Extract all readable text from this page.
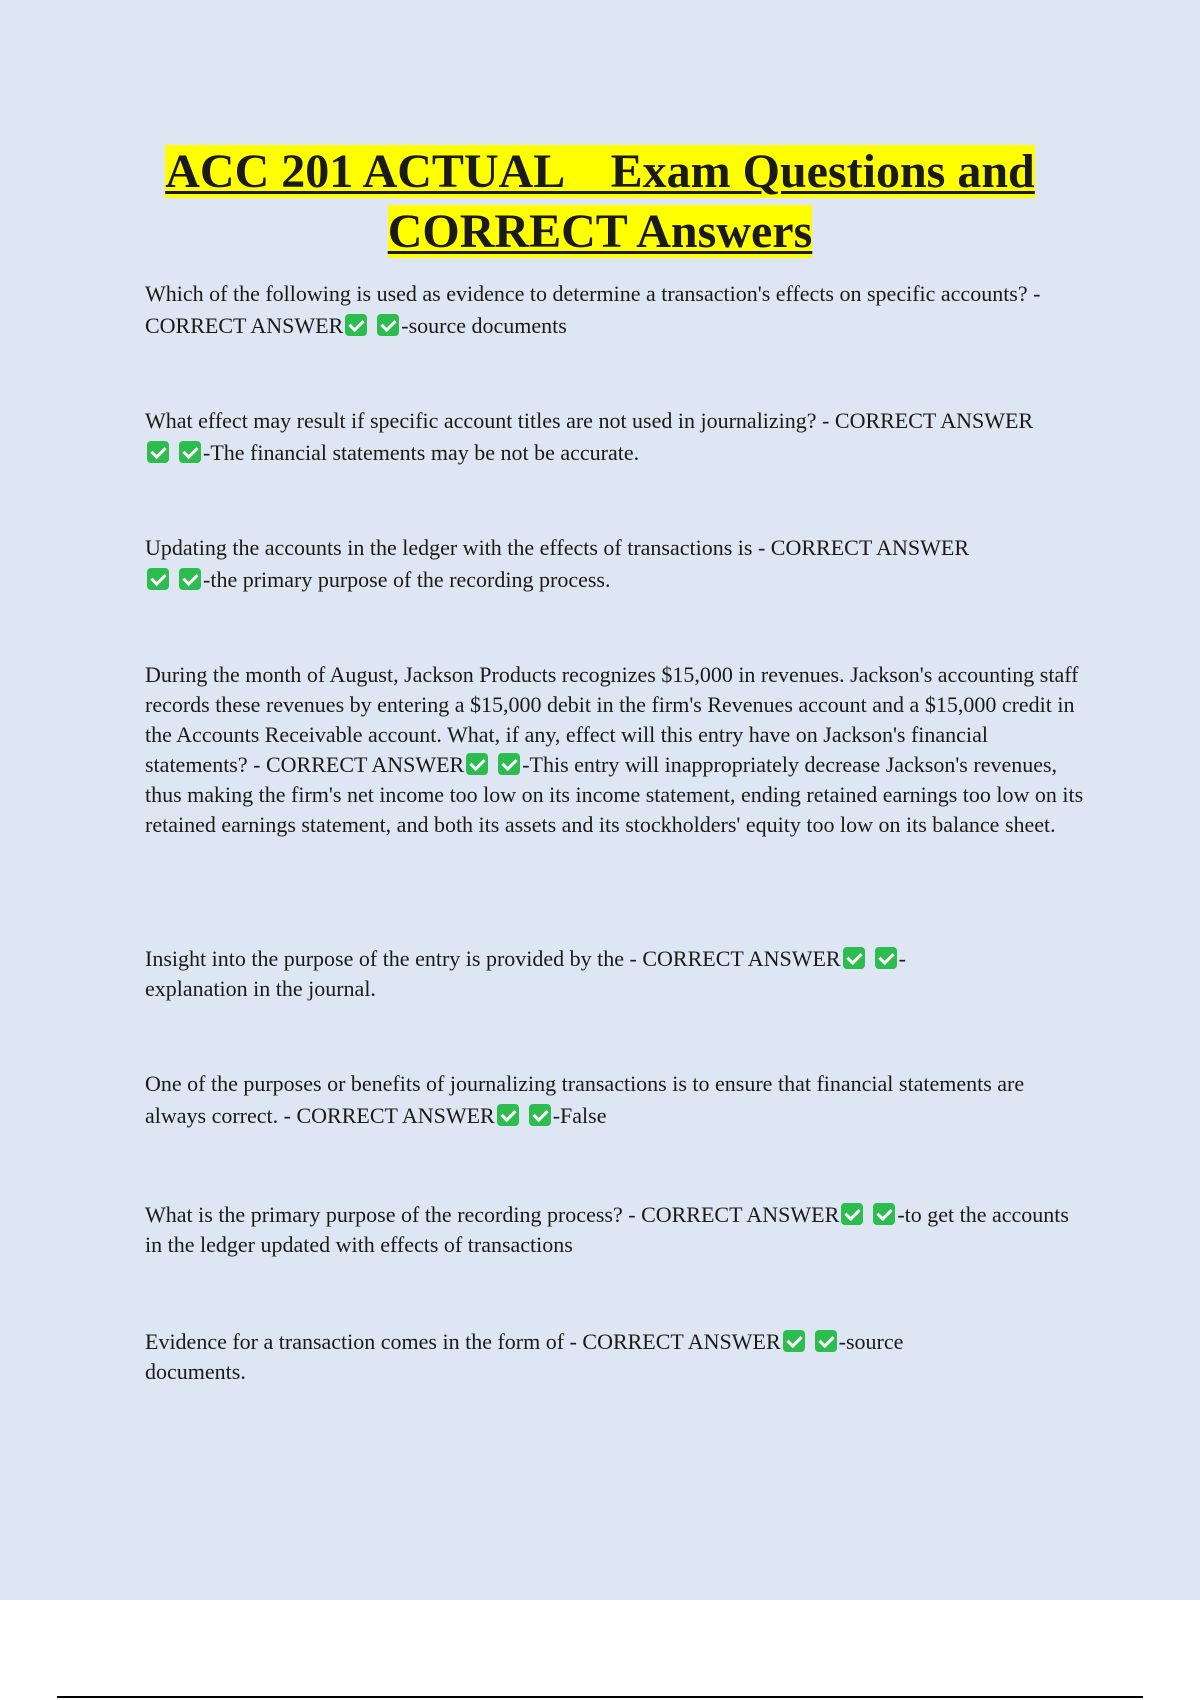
ACC 201 ACTUAL    Exam Questions and
CORRECT Answers
Which of the following is used as evidence to determine a transaction's effects on specific accounts? - CORRECT ANSWER	-source documents
What effect may result if specific account titles are not used in journalizing? - CORRECT ANSWER-The financial statements may be not be accurate.
Updating the accounts in the ledger with the effects of transactions is - CORRECT ANSWER-the primary purpose of the recording process.
During the month of August, Jackson Products recognizes $15,000 in revenues. Jackson's accounting staff records these revenues by entering a $15,000 debit in the firm's Revenues account and a $15,000 credit in the Accounts Receivable account. What, if any, effect will this entry have on Jackson's financial statements? - CORRECT ANSWER	-This entry will inappropriately decrease Jackson's revenues, thus making the firm's net income too low on its income statement, ending retained earnings too low on its retained earnings statement, and both its assets and its stockholders' equity too low on its balance sheet.
Insight into the purpose of the entry is provided by the - CORRECT ANSWER	-explanation in the journal.
One of the purposes or benefits of journalizing transactions is to ensure that financial statements are always correct. - CORRECT ANSWER	-False
What is the primary purpose of the recording process? - CORRECT ANSWER	-to get the accounts in the ledger updated with effects of transactions
Evidence for a transaction comes in the form of - CORRECT ANSWER	-source documents.
